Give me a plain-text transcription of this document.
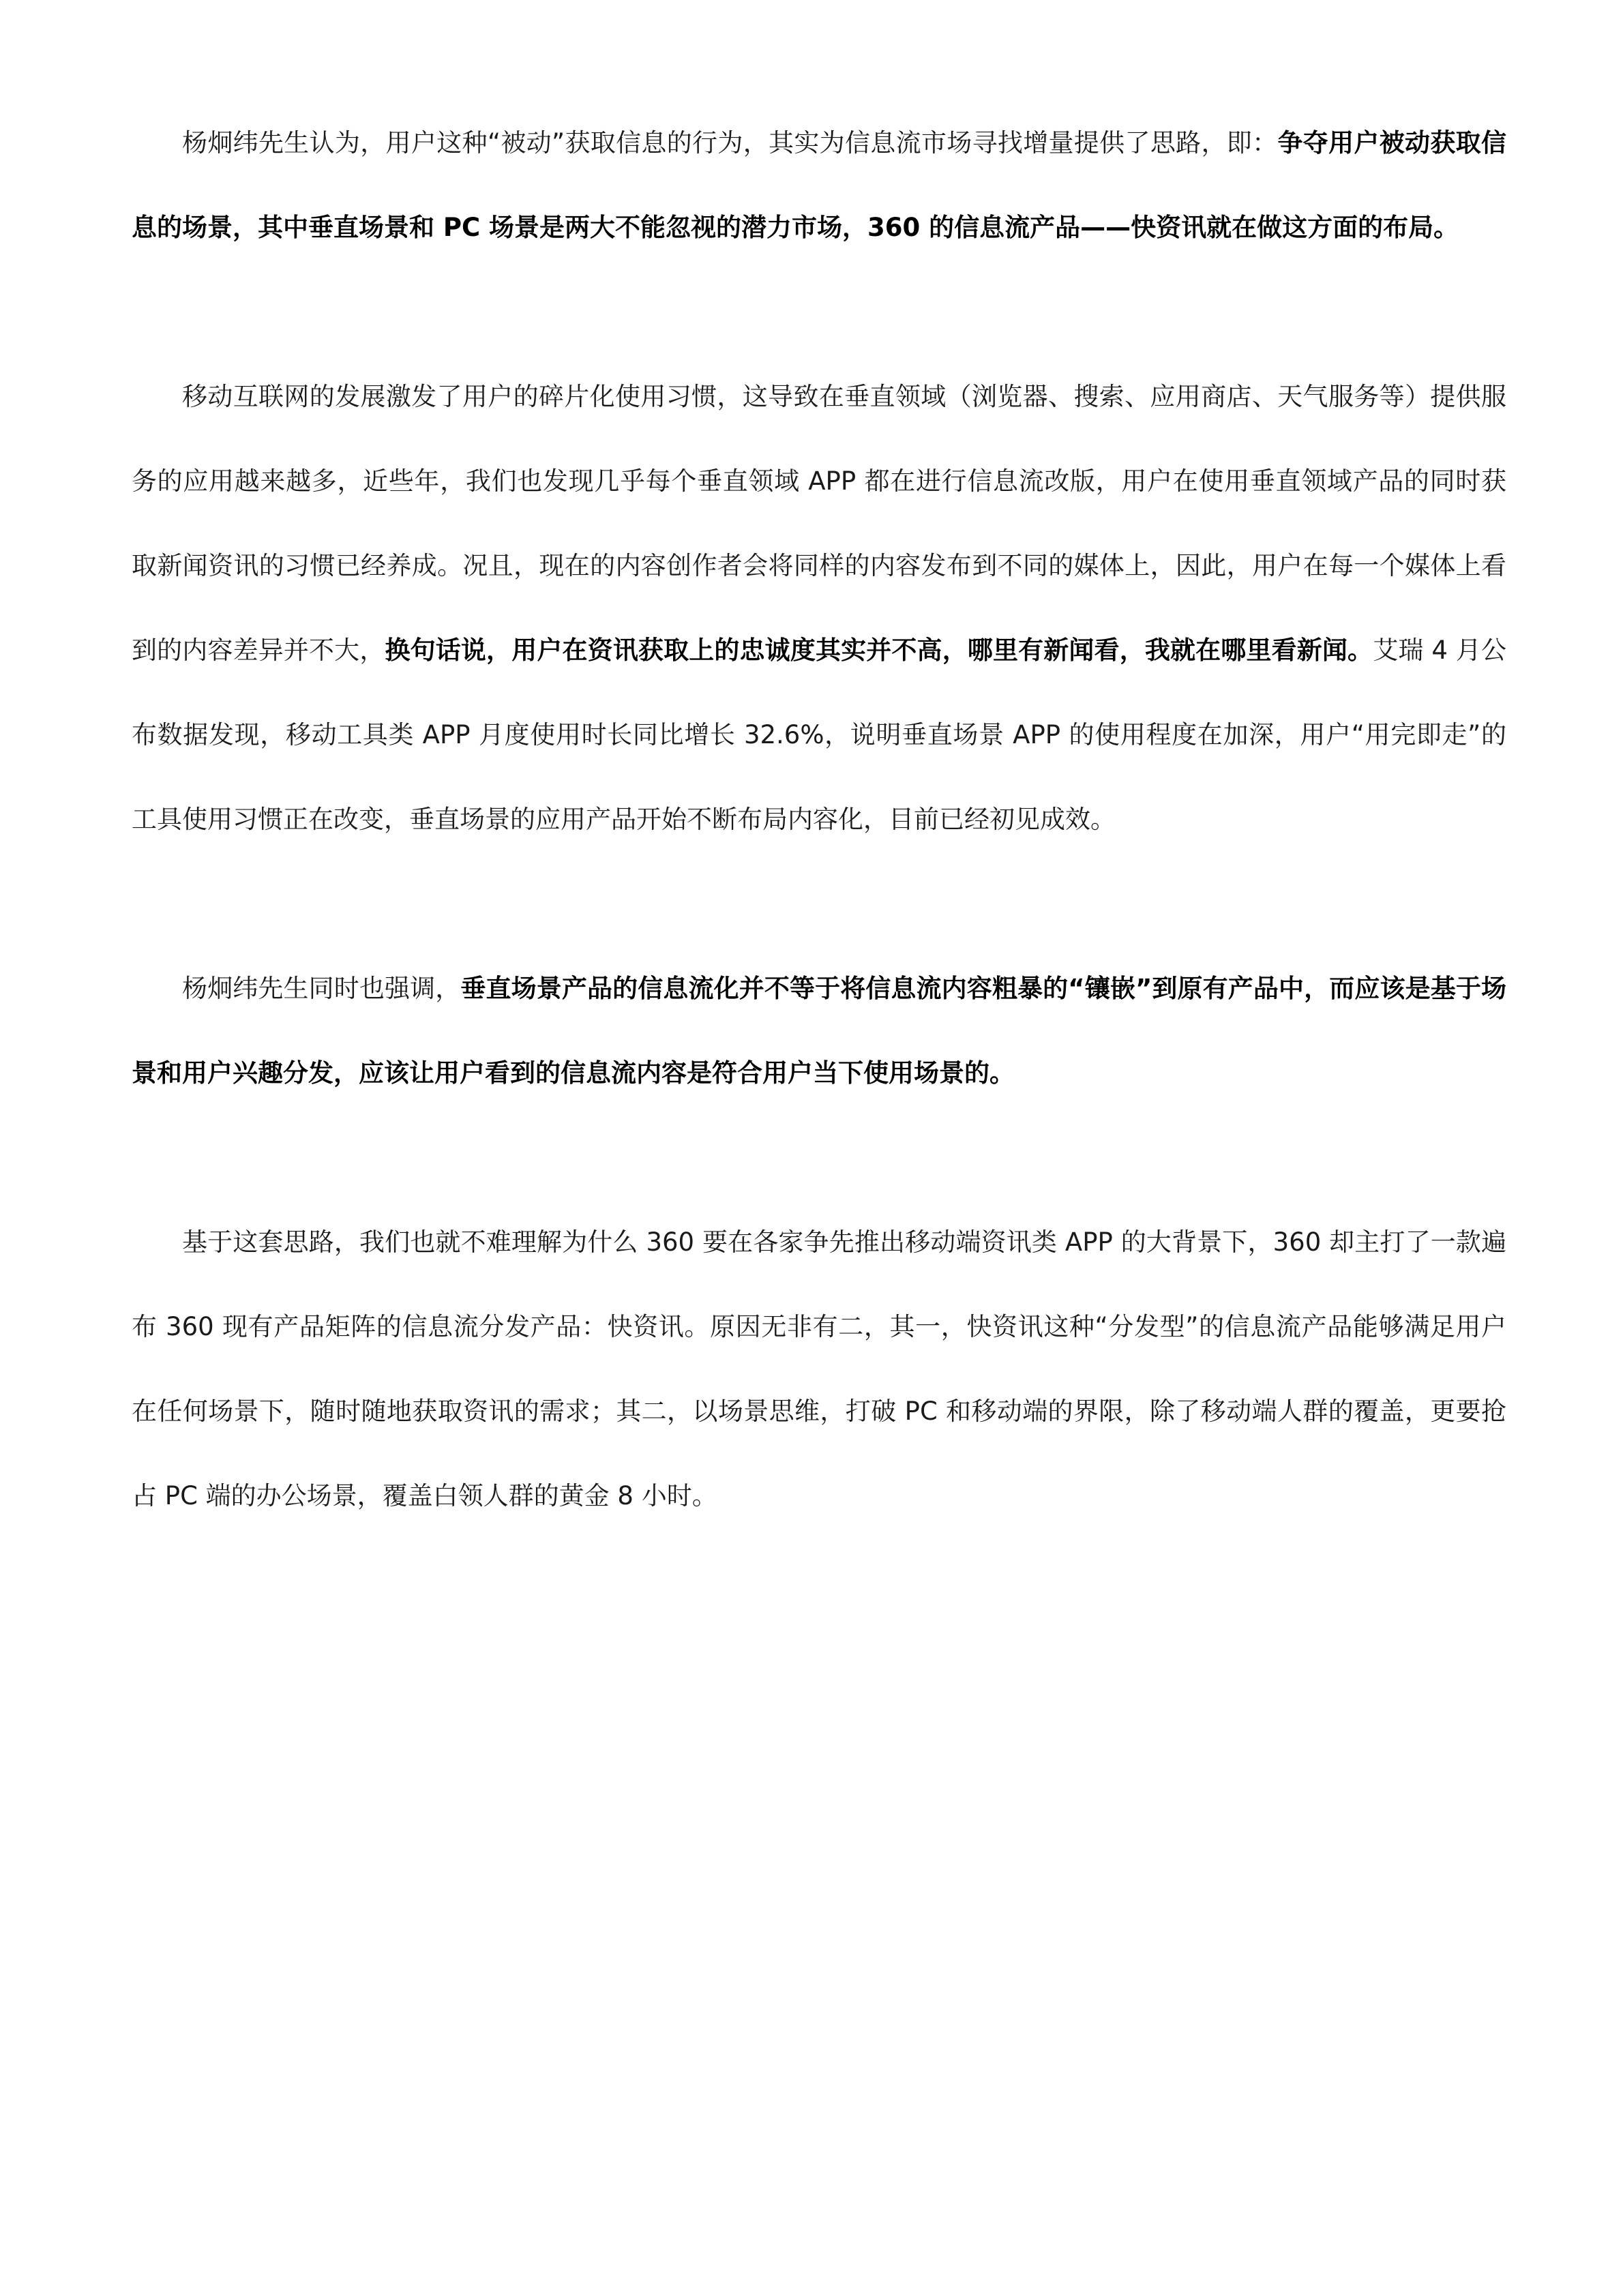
杨炯纬先生认为，用户这种“被动”获取信息的行为，其实为信息流市场寻找增量提供了思路，即：争夺用户被动获取信息的场景，其中垂直场景和 PC 场景是两大不能忽视的潜力市场，360 的信息流产品——快资讯就在做这方面的布局。

移动互联网的发展激发了用户的碎片化使用习惯，这导致在垂直领域（浏览器、搜索、应用商店、天气服务等）提供服务的应用越来越多，近些年，我们也发现几乎每个垂直领域 APP 都在进行信息流改版，用户在使用垂直领域产品的同时获取新闻资讯的习惯已经养成。况且，现在的内容创作者会将同样的内容发布到不同的媒体上，因此，用户在每一个媒体上看到的内容差异并不大，换句话说，用户在资讯获取上的忠诚度其实并不高，哪里有新闻看，我就在哪里看新闻。艾瑞 4 月公布数据发现，移动工具类 APP 月度使用时长同比增长 32.6%，说明垂直场景 APP 的使用程度在加深，用户“用完即走”的工具使用习惯正在改变，垂直场景的应用产品开始不断布局内容化，目前已经初见成效。

杨炯纬先生同时也强调，垂直场景产品的信息流化并不等于将信息流内容粗暴的“镶嵌”到原有产品中，而应该是基于场景和用户兴趣分发，应该让用户看到的信息流内容是符合用户当下使用场景的。

基于这套思路，我们也就不难理解为什么 360 要在各家争先推出移动端资讯类 APP 的大背景下，360 却主打了一款遍布 360 现有产品矩阵的信息流分发产品：快资讯。原因无非有二，其一，快资讯这种“分发型”的信息流产品能够满足用户在任何场景下，随时随地获取资讯的需求；其二，以场景思维，打破 PC 和移动端的界限，除了移动端人群的覆盖，更要抢占 PC 端的办公场景，覆盖白领人群的黄金 8 小时。
